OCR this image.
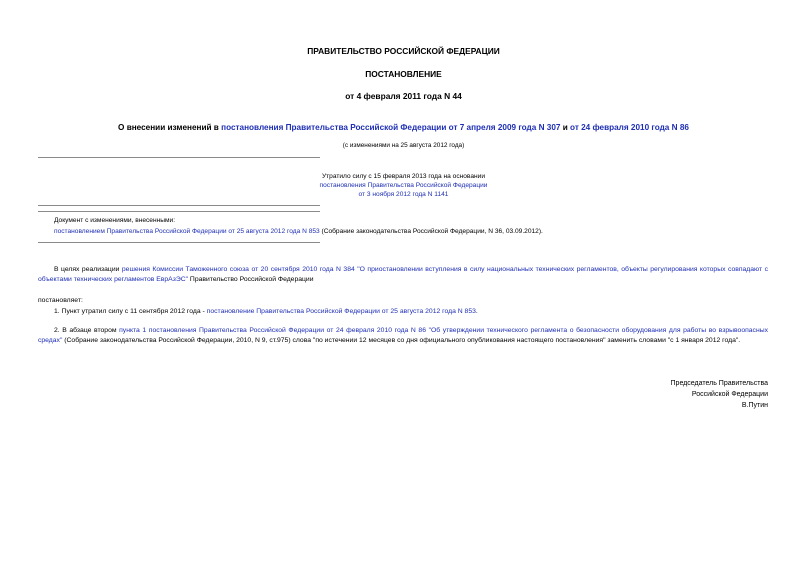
ПРАВИТЕЛЬСТВО РОССИЙСКОЙ ФЕДЕРАЦИИ
ПОСТАНОВЛЕНИЕ
от 4 февраля 2011 года N 44
О внесении изменений в постановления Правительства Российской Федерации от 7 апреля 2009 года N 307 и от 24 февраля 2010 года N 86
(с изменениями на 25 августа 2012 года)
Утратило силу с 15 февраля 2013 года на основании
постановления Правительства Российской Федерации
от 3 ноября 2012 года N 1141
Документ с изменениями, внесенными:
постановлением Правительства Российской Федерации от 25 августа 2012 года N 853 (Собрание законодательства Российской Федерации, N 36, 03.09.2012).
В целях реализации решения Комиссии Таможенного союза от 20 сентября 2010 года N 384 "О приостановлении вступления в силу национальных технических регламентов, объекты регулирования которых совпадают с объектами технических регламентов ЕврАзЭС" Правительство Российской Федерации
постановляет:
1. Пункт утратил силу с 11 сентября 2012 года - постановление Правительства Российской Федерации от 25 августа 2012 года N 853.
2. В абзаце втором пункта 1 постановления Правительства Российской Федерации от 24 февраля 2010 года N 86 "Об утверждении технического регламента о безопасности оборудования для работы во взрывоопасных средах" (Собрание законодательства Российской Федерации, 2010, N 9, ст.975) слова "по истечении 12 месяцев со дня официального опубликования настоящего постановления" заменить словами "с 1 января 2012 года".
Председатель Правительства
Российской Федерации
В.Путин
